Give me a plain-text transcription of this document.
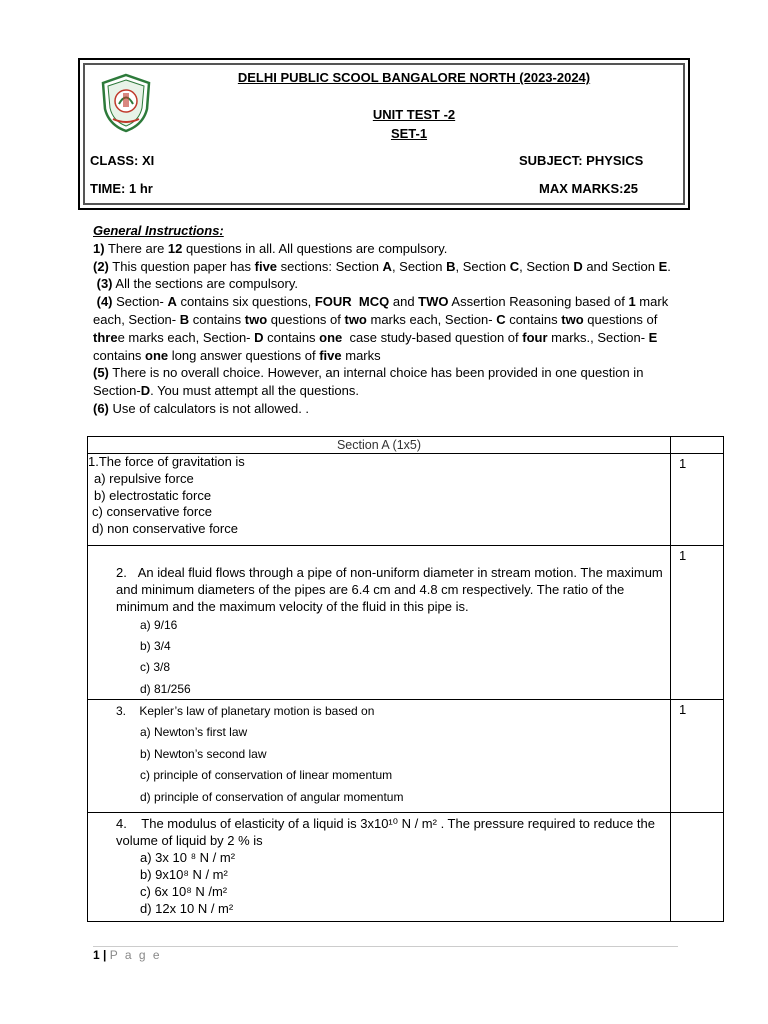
DELHI PUBLIC SCOOL BANGALORE NORTH (2023-2024)
UNIT TEST -2
SET-1
CLASS: XI	SUBJECT: PHYSICS
TIME: 1 hr	MAX MARKS:25
General Instructions:
1) There are 12 questions in all. All questions are compulsory.
(2) This question paper has five sections: Section A, Section B, Section C, Section D and Section E.
(3) All the sections are compulsory.
(4) Section- A contains six questions, FOUR  MCQ and TWO Assertion Reasoning based of 1 mark each, Section- B contains two questions of two marks each, Section- C contains two questions of three marks each, Section- D contains one  case study-based question of four marks., Section- E contains one long answer questions of five marks
(5) There is no overall choice. However, an internal choice has been provided in one question in Section-D. You must attempt all the questions.
(6) Use of calculators is not allowed. .
Section A (1x5)	

1.The force of gravitation is
a) repulsive force
b) electrostatic force
c) conservative force
d) non conservative force	1

2. An ideal fluid flows through a pipe of non-uniform diameter in stream motion. The maximum and minimum diameters of the pipes are 6.4 cm and 4.8 cm respectively. The ratio of the minimum and the maximum velocity of the fluid in this pipe is.
a) 9/16
b) 3/4
c) 3/8
d) 81/256	1

3. Kepler’s law of planetary motion is based on
a) Newton’s first law
b) Newton’s second law
c) principle of conservation of linear momentum
d) principle of conservation of angular momentum	1

4. The modulus of elasticity of a liquid is 3x10¹⁰ N / m² . The pressure required to reduce the volume of liquid by 2 % is
a) 3x 10 ⁸ N / m²
b) 9x10⁸ N / m²
c) 6x 10⁸ N /m²
d) 12x 10 N / m²	

1 | P a g e
